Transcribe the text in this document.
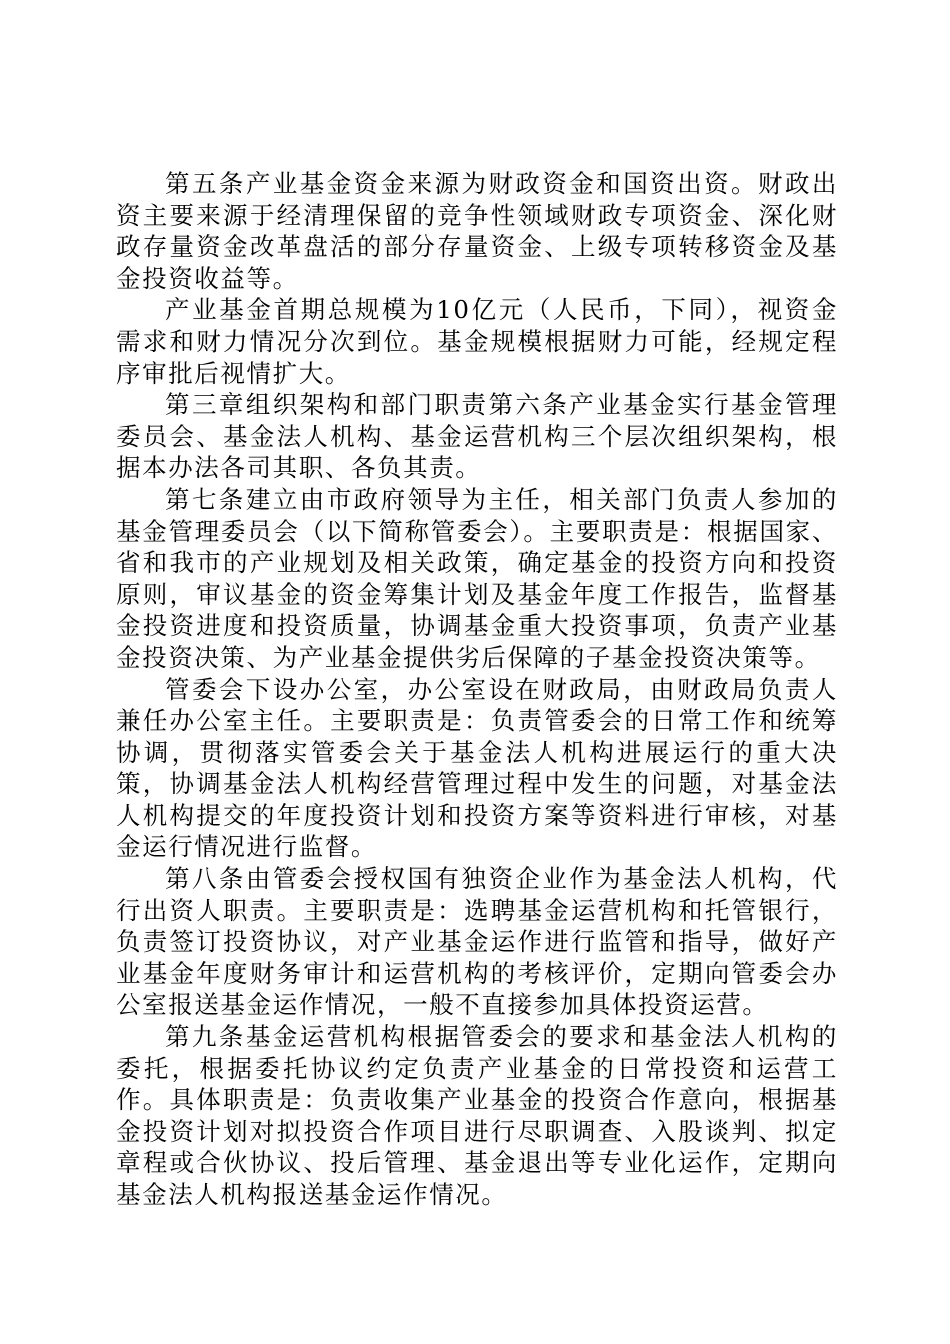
第五条产业基金资金来源为财政资金和国资出资。财政出资主要来源于经清理保留的竞争性领域财政专项资金、深化财政存量资金改革盘活的部分存量资金、上级专项转移资金及基金投资收益等。

产业基金首期总规模为10亿元（人民币，下同），视资金需求和财力情况分次到位。基金规模根据财力可能，经规定程序审批后视情扩大。

第三章组织架构和部门职责第六条产业基金实行基金管理委员会、基金法人机构、基金运营机构三个层次组织架构，根据本办法各司其职、各负其责。

第七条建立由市政府领导为主任，相关部门负责人参加的基金管理委员会（以下简称管委会）。主要职责是：根据国家、省和我市的产业规划及相关政策，确定基金的投资方向和投资原则，审议基金的资金筹集计划及基金年度工作报告，监督基金投资进度和投资质量，协调基金重大投资事项，负责产业基金投资决策、为产业基金提供劣后保障的子基金投资决策等。

管委会下设办公室，办公室设在财政局，由财政局负责人兼任办公室主任。主要职责是：负责管委会的日常工作和统筹协调，贯彻落实管委会关于基金法人机构进展运行的重大决策，协调基金法人机构经营管理过程中发生的问题，对基金法人机构提交的年度投资计划和投资方案等资料进行审核，对基金运行情况进行监督。

第八条由管委会授权国有独资企业作为基金法人机构，代行出资人职责。主要职责是：选聘基金运营机构和托管银行，负责签订投资协议，对产业基金运作进行监管和指导，做好产业基金年度财务审计和运营机构的考核评价，定期向管委会办公室报送基金运作情况，一般不直接参加具体投资运营。

第九条基金运营机构根据管委会的要求和基金法人机构的委托，根据委托协议约定负责产业基金的日常投资和运营工作。具体职责是：负责收集产业基金的投资合作意向，根据基金投资计划对拟投资合作项目进行尽职调查、入股谈判、拟定章程或合伙协议、投后管理、基金退出等专业化运作，定期向基金法人机构报送基金运作情况。
